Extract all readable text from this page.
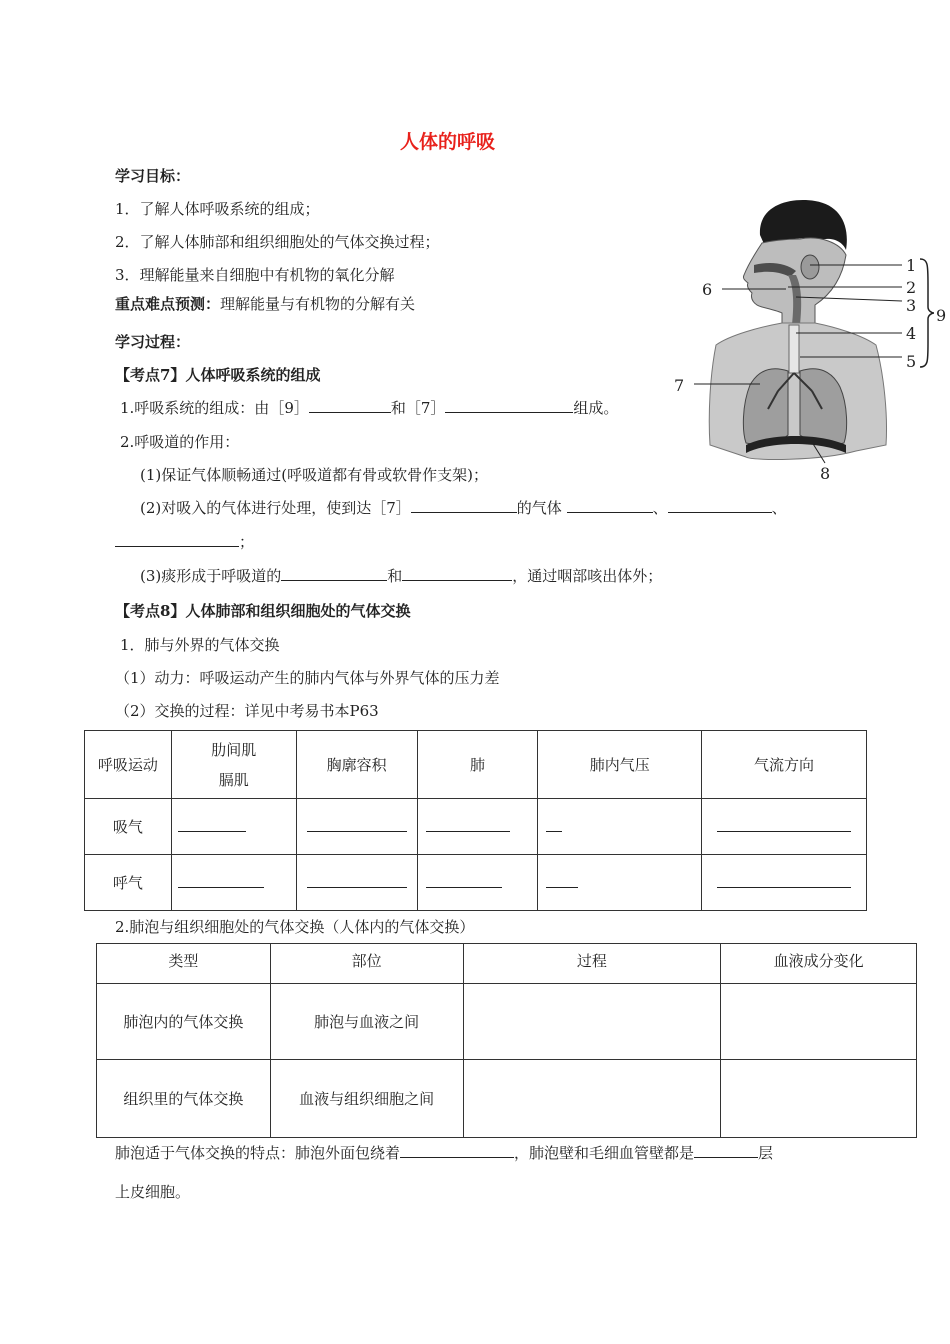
人体的呼吸
学习目标：
1．了解人体呼吸系统的组成；
2．了解人体肺部和组织细胞处的气体交换过程；
3．理解能量来自细胞中有机物的氧化分解
重点难点预测：理解能量与有机物的分解有关
学习过程：
【考点7】人体呼吸系统的组成
1.呼吸系统的组成：由［9］	和［7］	组成。
2.呼吸道的作用：
(1)保证气体顺畅通过(呼吸道都有骨或软骨作支架)；
(2)对吸入的气体进行处理，使到达［7］	的气体	、	、
；
(3)痰形成于呼吸道的	和	，通过咽部咳出体外；
【考点8】人体肺部和组织细胞处的气体交换
1．肺与外界的气体交换
（1）动力：呼吸运动产生的肺内气体与外界气体的压力差
（2）交换的过程：详见中考易书本P63
呼吸运动	肋间肌
膈肌	胸廓容积	肺	肺内气压	气流方向
吸气					
呼气					
2.肺泡与组织细胞处的气体交换（人体内的气体交换）
类型	部位	过程	血液成分变化
肺泡内的气体交换	肺泡与血液之间		
组织里的气体交换	血液与组织细胞之间		
肺泡适于气体交换的特点：肺泡外面包绕着	，肺泡壁和毛细血管壁都是	层
上皮细胞。
1
2
3
4
5
6
7
8
9
